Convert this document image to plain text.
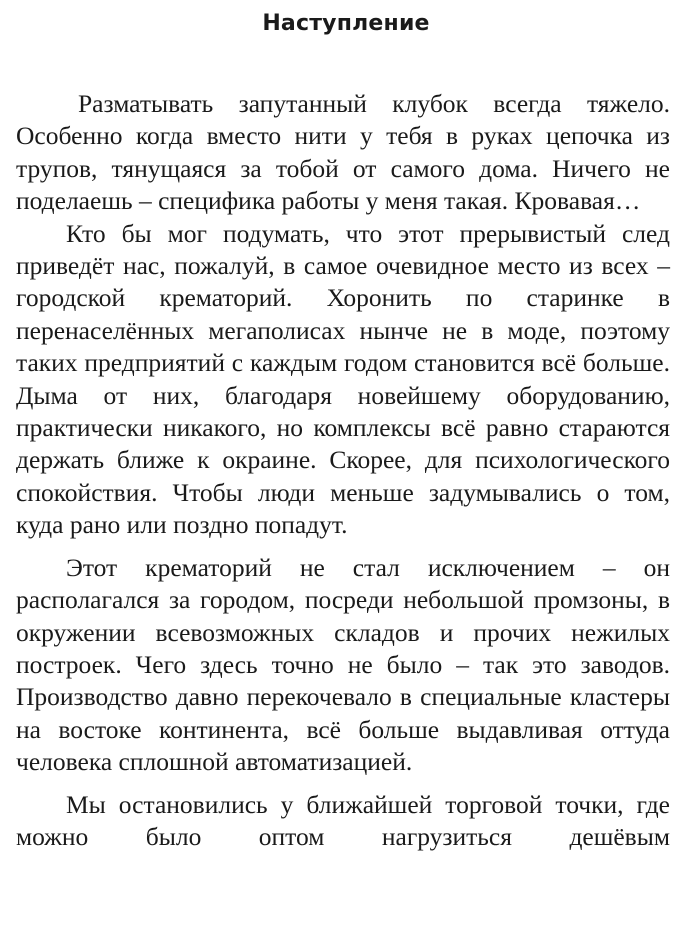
Наступление

Разматывать запутанный клубок всегда тяжело. Особенно когда вместо нити у тебя в руках цепочка из трупов, тянущаяся за тобой от самого дома. Ничего не поделаешь – специфика работы у меня такая. Кровавая…

Кто бы мог подумать, что этот прерывистый след приведёт нас, пожалуй, в самое очевидное место из всех – городской крематорий. Хоронить по старинке в перенаселённых мегаполисах нынче не в моде, поэтому таких предприятий с каждым годом становится всё больше. Дыма от них, благодаря новейшему оборудованию, практически никакого, но комплексы всё равно стараются держать ближе к окраине. Скорее, для психологического спокойствия. Чтобы люди меньше задумывались о том, куда рано или поздно попадут.

Этот крематорий не стал исключением – он располагался за городом, посреди небольшой промзоны, в окружении всевозможных складов и прочих нежилых построек. Чего здесь точно не было – так это заводов. Производство давно перекочевало в специальные кластеры на востоке континента, всё больше выдавливая оттуда человека сплошной автоматизацией.

Мы остановились у ближайшей торговой точки, где можно было оптом нагрузиться дешёвым
